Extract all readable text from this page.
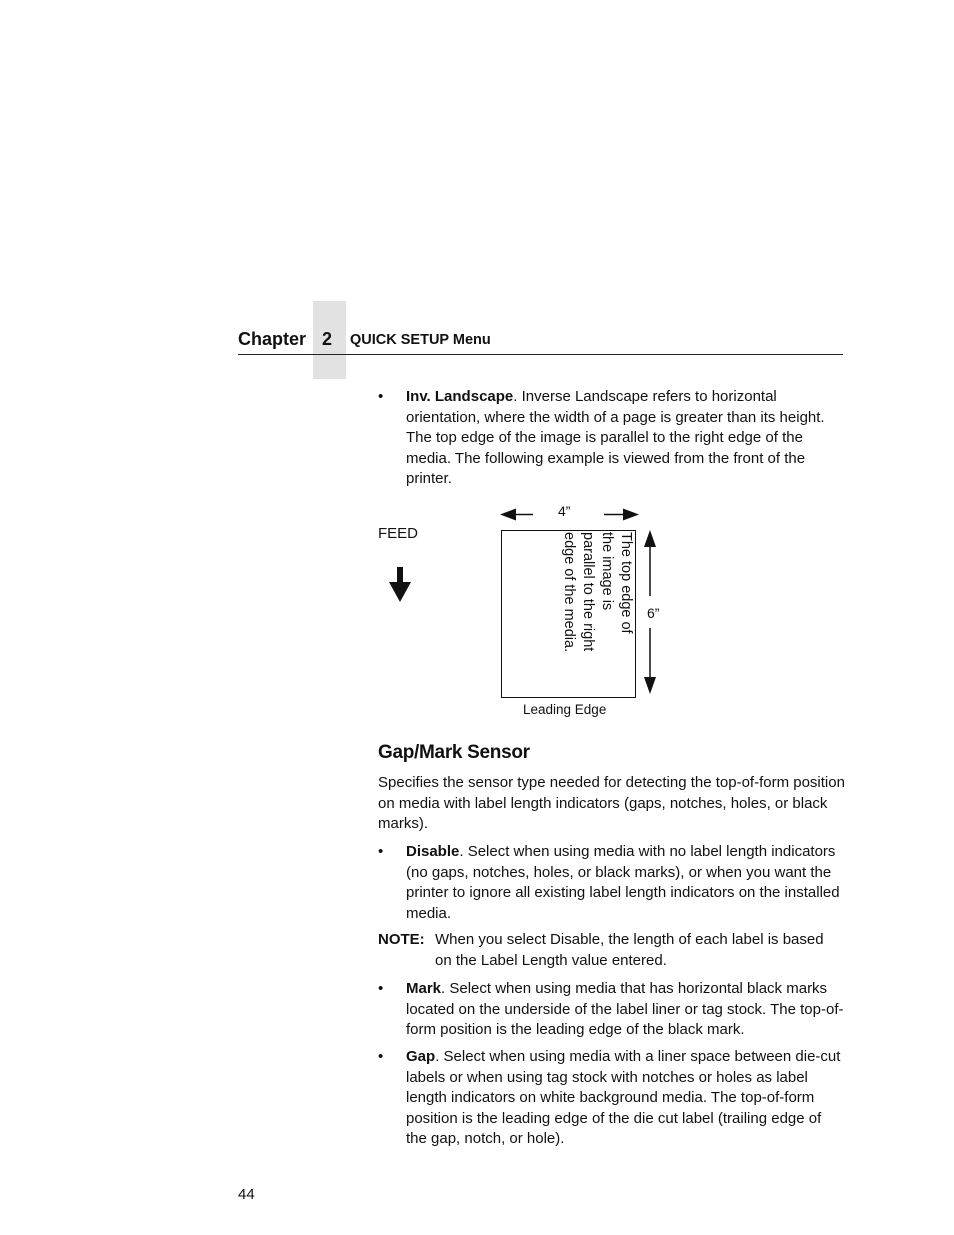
Chapter 2 QUICK SETUP Menu
•	Inv. Landscape. Inverse Landscape refers to horizontal orientation, where the width of a page is greater than its height. The top edge of the image is parallel to the right edge of the media. The following example is viewed from the front of the printer.
FEED
4”
6”
Leading Edge
The top edge of
the image is
parallel to the right
edge of the media.
Gap/Mark Sensor
Specifies the sensor type needed for detecting the top-of-form position on media with label length indicators (gaps, notches, holes, or black marks).
•	Disable. Select when using media with no label length indicators (no gaps, notches, holes, or black marks), or when you want the printer to ignore all existing label length indicators on the installed media.
NOTE: When you select Disable, the length of each label is based
on the Label Length value entered.
•	Mark. Select when using media that has horizontal black marks located on the underside of the label liner or tag stock. The top-of-form position is the leading edge of the black mark.
•	Gap. Select when using media with a liner space between die-cut labels or when using tag stock with notches or holes as label length indicators on white background media. The top-of-form position is the leading edge of the die cut label (trailing edge of the gap, notch, or hole).
44
